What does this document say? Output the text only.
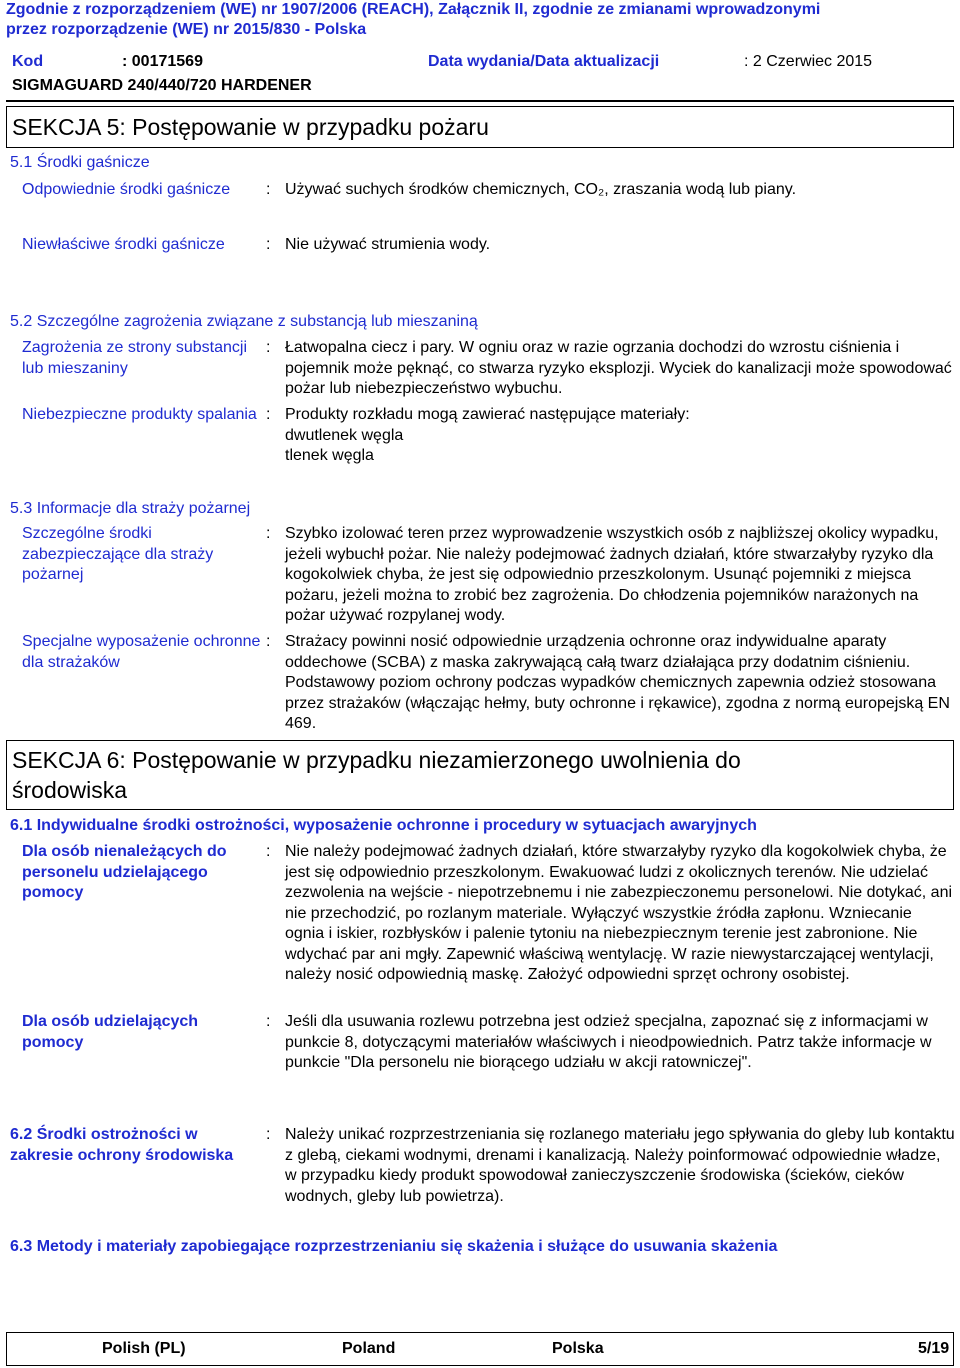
Zgodnie z rozporządzeniem (WE) nr 1907/2006 (REACH), Załącznik II, zgodnie ze zmianami wprowadzonymi
przez rozporządzenie (WE) nr 2015/830 - Polska
Kod	: 00171569	Data wydania/Data aktualizacji	: 2 Czerwiec 2015
SIGMAGUARD 240/440/720 HARDENER
SEKCJA 5: Postępowanie w przypadku pożaru
5.1 Środki gaśnicze
Odpowiednie środki gaśnicze	: Używać suchych środków chemicznych, CO₂, zraszania wodą lub piany.
Niewłaściwe środki gaśnicze	: Nie używać strumienia wody.
5.2 Szczególne zagrożenia związane z substancją lub mieszaniną
Zagrożenia ze strony substancji lub mieszaniny
: Łatwopalna ciecz i pary. W ogniu oraz w razie ogrzania dochodzi do wzrostu ciśnienia i pojemnik może pęknąć, co stwarza ryzyko eksplozji. Wyciek do kanalizacji może spowodować pożar lub niebezpieczeństwo wybuchu.
Niebezpieczne produkty spalania : Produkty rozkładu mogą zawierać następujące materiały:
dwutlenek węgla
tlenek węgla
5.3 Informacje dla straży pożarnej
Szczególne środki zabezpieczające dla straży pożarnej
: Szybko izolować teren przez wyprowadzenie wszystkich osób z najbliższej okolicy wypadku, jeżeli wybuchł pożar. Nie należy podejmować żadnych działań, które stwarzałyby ryzyko dla kogokolwiek chyba, że jest się odpowiednio przeszkolonym. Usunąć pojemniki z miejsca pożaru, jeżeli można to zrobić bez zagrożenia. Do chłodzenia pojemników narażonych na pożar używać rozpylanej wody.
Specjalne wyposażenie ochronne dla strażaków
: Strażacy powinni nosić odpowiednie urządzenia ochronne oraz indywidualne aparaty oddechowe (SCBA) z maska zakrywającą całą twarz działająca przy dodatnim ciśnieniu. Podstawowy poziom ochrony podczas wypadków chemicznych zapewnia odzież stosowana przez strażaków (włączając hełmy, buty ochronne i rękawice), zgodna z normą europejską EN 469.
SEKCJA 6: Postępowanie w przypadku niezamierzonego uwolnienia do
środowiska
6.1 Indywidualne środki ostrożności, wyposażenie ochronne i procedury w sytuacjach awaryjnych
Dla osób nienależących do personelu udzielającego pomocy
: Nie należy podejmować żadnych działań, które stwarzałyby ryzyko dla kogokolwiek chyba, że jest się odpowiednio przeszkolonym. Ewakuować ludzi z okolicznych terenów. Nie udzielać zezwolenia na wejście - niepotrzebnemu i nie zabezpieczonemu personelowi. Nie dotykać, ani nie przechodzić, po rozlanym materiale. Wyłączyć wszystkie źródła zapłonu. Wzniecanie ognia i iskier, rozbłysków i palenie tytoniu na niebezpiecznym terenie jest zabronione. Nie wdychać par ani mgły. Zapewnić właściwą wentylację. W razie niewystarczającej wentylacji, należy nosić odpowiednią maskę. Założyć odpowiedni sprzęt ochrony osobistej.
Dla osób udzielających pomocy
: Jeśli dla usuwania rozlewu potrzebna jest odzież specjalna, zapoznać się z informacjami w punkcie 8, dotyczącymi materiałów właściwych i nieodpowiednich. Patrz także informacje w punkcie "Dla personelu nie biorącego udziału w akcji ratowniczej".
6.2 Środki ostrożności w zakresie ochrony środowiska
: Należy unikać rozprzestrzeniania się rozlanego materiału jego spływania do gleby lub kontaktu z glebą, ciekami wodnymi, drenami i kanalizacją. Należy poinformować odpowiednie władze, w przypadku kiedy produkt spowodował zanieczyszczenie środowiska (ścieków, cieków wodnych, gleby lub powietrza).
6.3 Metody i materiały zapobiegające rozprzestrzenianiu się skażenia i służące do usuwania skażenia
Polish (PL)	Poland	Polska	5/19
